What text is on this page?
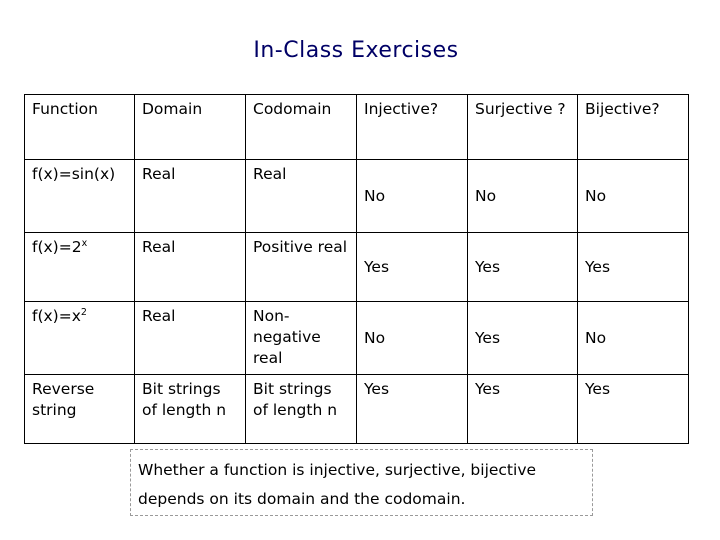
In-Class Exercises
Function	Domain	Codomain	Injective?	Surjective ?	Bijective?
f(x)=sin(x)	Real	Real	No	No	No
$f(x)=2^x$	Real	Positive real	Yes	Yes	Yes
$f(x)=x^2$	Real	Non-negative real	No	Yes	No
Reverse string	Bit strings of length n	Bit strings of length n	Yes	Yes	Yes
Whether a function is injective, surjective, bijective depends on its domain and the codomain.
